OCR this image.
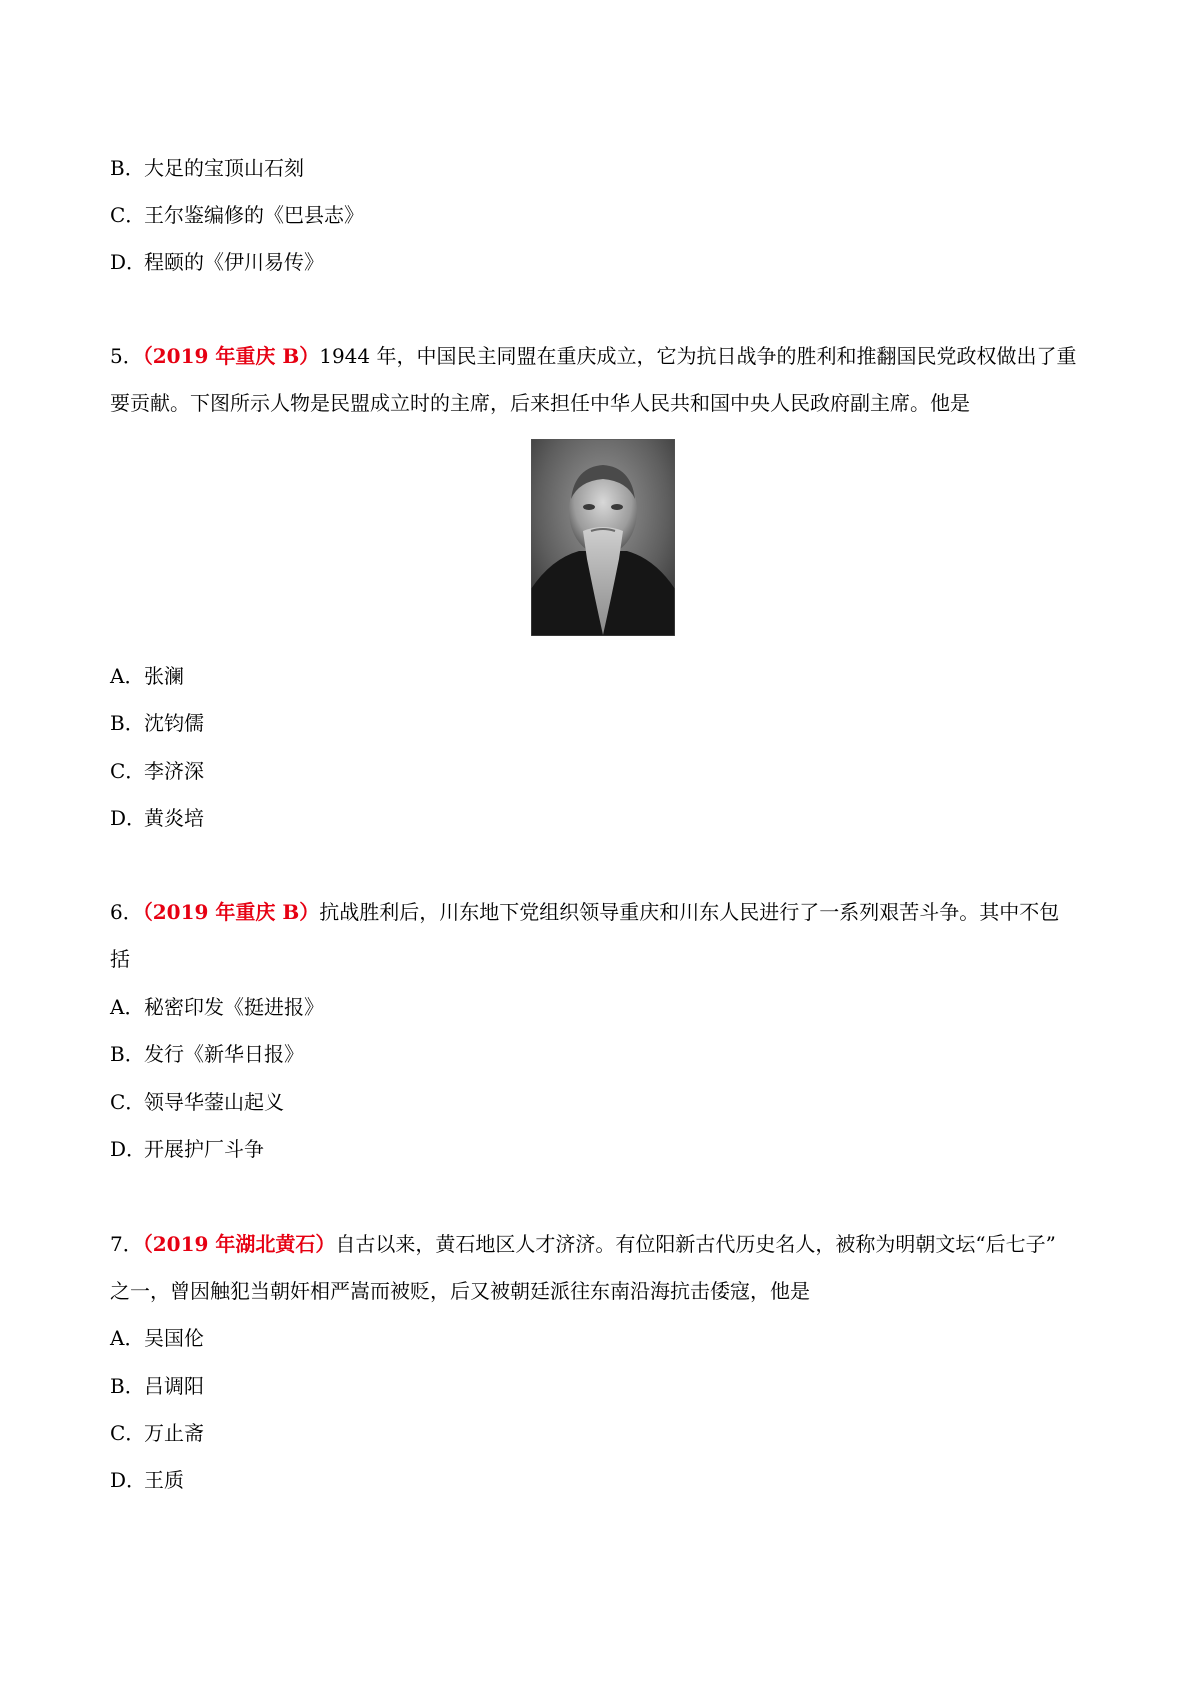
B．大足的宝顶山石刻
C．王尔鉴编修的《巴县志》
D．程颐的《伊川易传》
5．（2019 年重庆 B）1944 年，中国民主同盟在重庆成立，它为抗日战争的胜利和推翻国民党政权做出了重
要贡献。下图所示人物是民盟成立时的主席，后来担任中华人民共和国中央人民政府副主席。他是
A．张澜
B．沈钧儒
C．李济深
D．黄炎培
6．（2019 年重庆 B）抗战胜利后，川东地下党组织领导重庆和川东人民进行了一系列艰苦斗争。其中不包
括
A．秘密印发《挺进报》
B．发行《新华日报》
C．领导华蓥山起义
D．开展护厂斗争
7．（2019 年湖北黄石）自古以来，黄石地区人才济济。有位阳新古代历史名人，被称为明朝文坛“后七子”
之一，曾因触犯当朝奸相严嵩而被贬，后又被朝廷派往东南沿海抗击倭寇，他是
A．吴国伦
B．吕调阳
C．万止斋
D．王质
